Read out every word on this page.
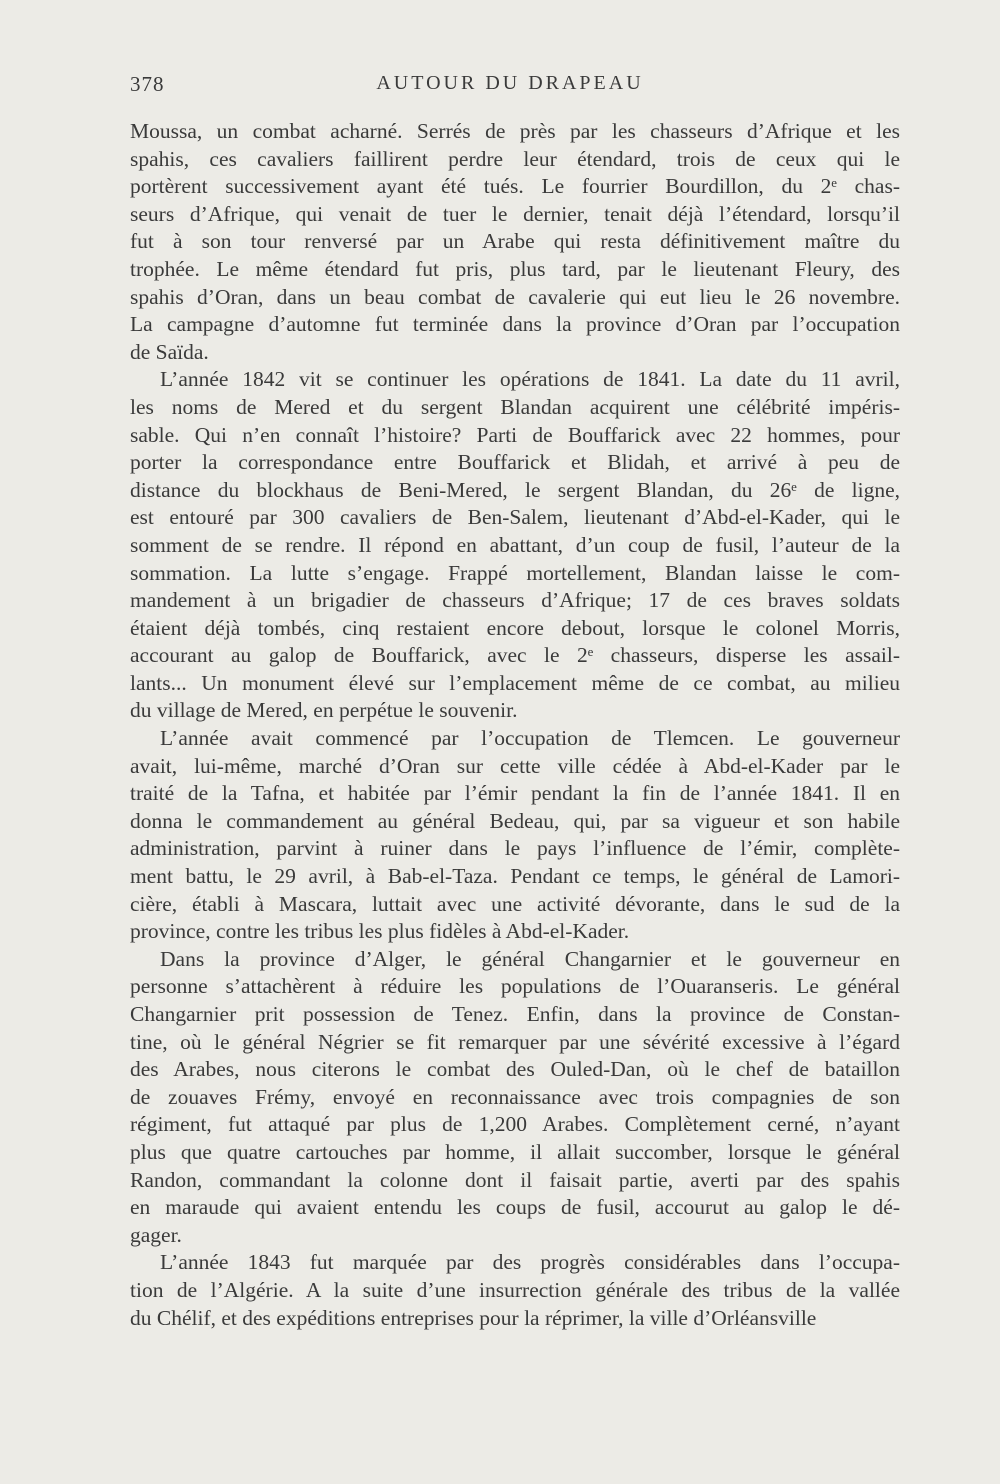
378	AUTOUR DU DRAPEAU
Moussa, un combat acharné. Serrés de près par les chasseurs d’Afrique et les
spahis, ces cavaliers faillirent perdre leur étendard, trois de ceux qui le
portèrent successivement ayant été tués. Le fourrier Bourdillon, du 2ᵉ chas-
seurs d’Afrique, qui venait de tuer le dernier, tenait déjà l’étendard, lorsqu’il
fut à son tour renversé par un Arabe qui resta définitivement maître du
trophée. Le même étendard fut pris, plus tard, par le lieutenant Fleury, des
spahis d’Oran, dans un beau combat de cavalerie qui eut lieu le 26 novembre.
La campagne d’automne fut terminée dans la province d’Oran par l’occupation
de Saïda.
L’année 1842 vit se continuer les opérations de 1841. La date du 11 avril,
les noms de Mered et du sergent Blandan acquirent une célébrité impéris-
sable. Qui n’en connaît l’histoire? Parti de Bouffarick avec 22 hommes, pour
porter la correspondance entre Bouffarick et Blidah, et arrivé à peu de
distance du blockhaus de Beni-Mered, le sergent Blandan, du 26ᵉ de ligne,
est entouré par 300 cavaliers de Ben-Salem, lieutenant d’Abd-el-Kader, qui le
somment de se rendre. Il répond en abattant, d’un coup de fusil, l’auteur de la
sommation. La lutte s’engage. Frappé mortellement, Blandan laisse le com-
mandement à un brigadier de chasseurs d’Afrique; 17 de ces braves soldats
étaient déjà tombés, cinq restaient encore debout, lorsque le colonel Morris,
accourant au galop de Bouffarick, avec le 2ᵉ chasseurs, disperse les assail-
lants... Un monument élevé sur l’emplacement même de ce combat, au milieu
du village de Mered, en perpétue le souvenir.
L’année avait commencé par l’occupation de Tlemcen. Le gouverneur
avait, lui-même, marché d’Oran sur cette ville cédée à Abd-el-Kader par le
traité de la Tafna, et habitée par l’émir pendant la fin de l’année 1841. Il en
donna le commandement au général Bedeau, qui, par sa vigueur et son habile
administration, parvint à ruiner dans le pays l’influence de l’émir, complète-
ment battu, le 29 avril, à Bab-el-Taza. Pendant ce temps, le général de Lamori-
cière, établi à Mascara, luttait avec une activité dévorante, dans le sud de la
province, contre les tribus les plus fidèles à Abd-el-Kader.
Dans la province d’Alger, le général Changarnier et le gouverneur en
personne s’attachèrent à réduire les populations de l’Ouaranseris. Le général
Changarnier prit possession de Tenez. Enfin, dans la province de Constan-
tine, où le général Négrier se fit remarquer par une sévérité excessive à l’égard
des Arabes, nous citerons le combat des Ouled-Dan, où le chef de bataillon
de zouaves Frémy, envoyé en reconnaissance avec trois compagnies de son
régiment, fut attaqué par plus de 1,200 Arabes. Complètement cerné, n’ayant
plus que quatre cartouches par homme, il allait succomber, lorsque le général
Randon, commandant la colonne dont il faisait partie, averti par des spahis
en maraude qui avaient entendu les coups de fusil, accourut au galop le dé-
gager.
L’année 1843 fut marquée par des progrès considérables dans l’occupa-
tion de l’Algérie. A la suite d’une insurrection générale des tribus de la vallée
du Chélif, et des expéditions entreprises pour la réprimer, la ville d’Orléansville
